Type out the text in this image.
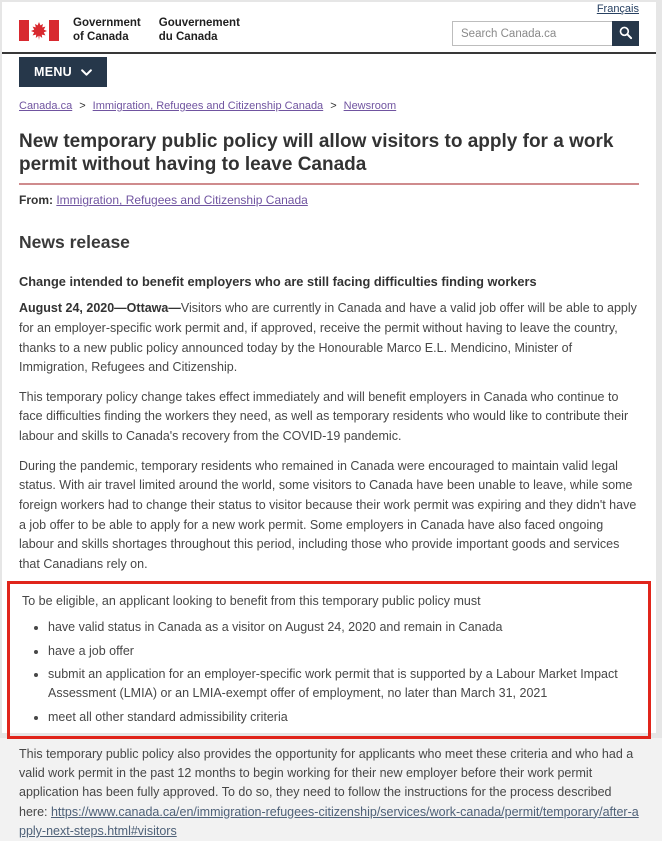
Français
Government
of Canada
Gouvernement
du Canada
Search Canada.ca
MENU
Canada.ca > Immigration, Refugees and Citizenship Canada > Newsroom
New temporary public policy will allow visitors to apply for a work permit without having to leave Canada

From: Immigration, Refugees and Citizenship Canada

News release
Change intended to benefit employers who are still facing difficulties finding workers

August 24, 2020—Ottawa—Visitors who are currently in Canada and have a valid job offer will be able to apply for an employer-specific work permit and, if approved, receive the permit without having to leave the country, thanks to a new public policy announced today by the Honourable Marco E.L. Mendicino, Minister of Immigration, Refugees and Citizenship.

This temporary policy change takes effect immediately and will benefit employers in Canada who continue to face difficulties finding the workers they need, as well as temporary residents who would like to contribute their labour and skills to Canada's recovery from the COVID-19 pandemic.

During the pandemic, temporary residents who remained in Canada were encouraged to maintain valid legal status. With air travel limited around the world, some visitors to Canada have been unable to leave, while some foreign workers had to change their status to visitor because their work permit was expiring and they didn't have a job offer to be able to apply for a new work permit. Some employers in Canada have also faced ongoing labour and skills shortages throughout this period, including those who provide important goods and services that Canadians rely on.

To be eligible, an applicant looking to benefit from this temporary public policy must

• have valid status in Canada as a visitor on August 24, 2020 and remain in Canada
• have a job offer
• submit an application for an employer-specific work permit that is supported by a Labour Market Impact Assessment (LMIA) or an LMIA-exempt offer of employment, no later than March 31, 2021
• meet all other standard admissibility criteria

This temporary public policy also provides the opportunity for applicants who meet these criteria and who had a valid work permit in the past 12 months to begin working for their new employer before their work permit application has been fully approved. To do so, they need to follow the instructions for the process described here: https://www.canada.ca/en/immigration-refugees-citizenship/services/work-canada/permit/temporary/after-apply-next-steps.html#visitors
